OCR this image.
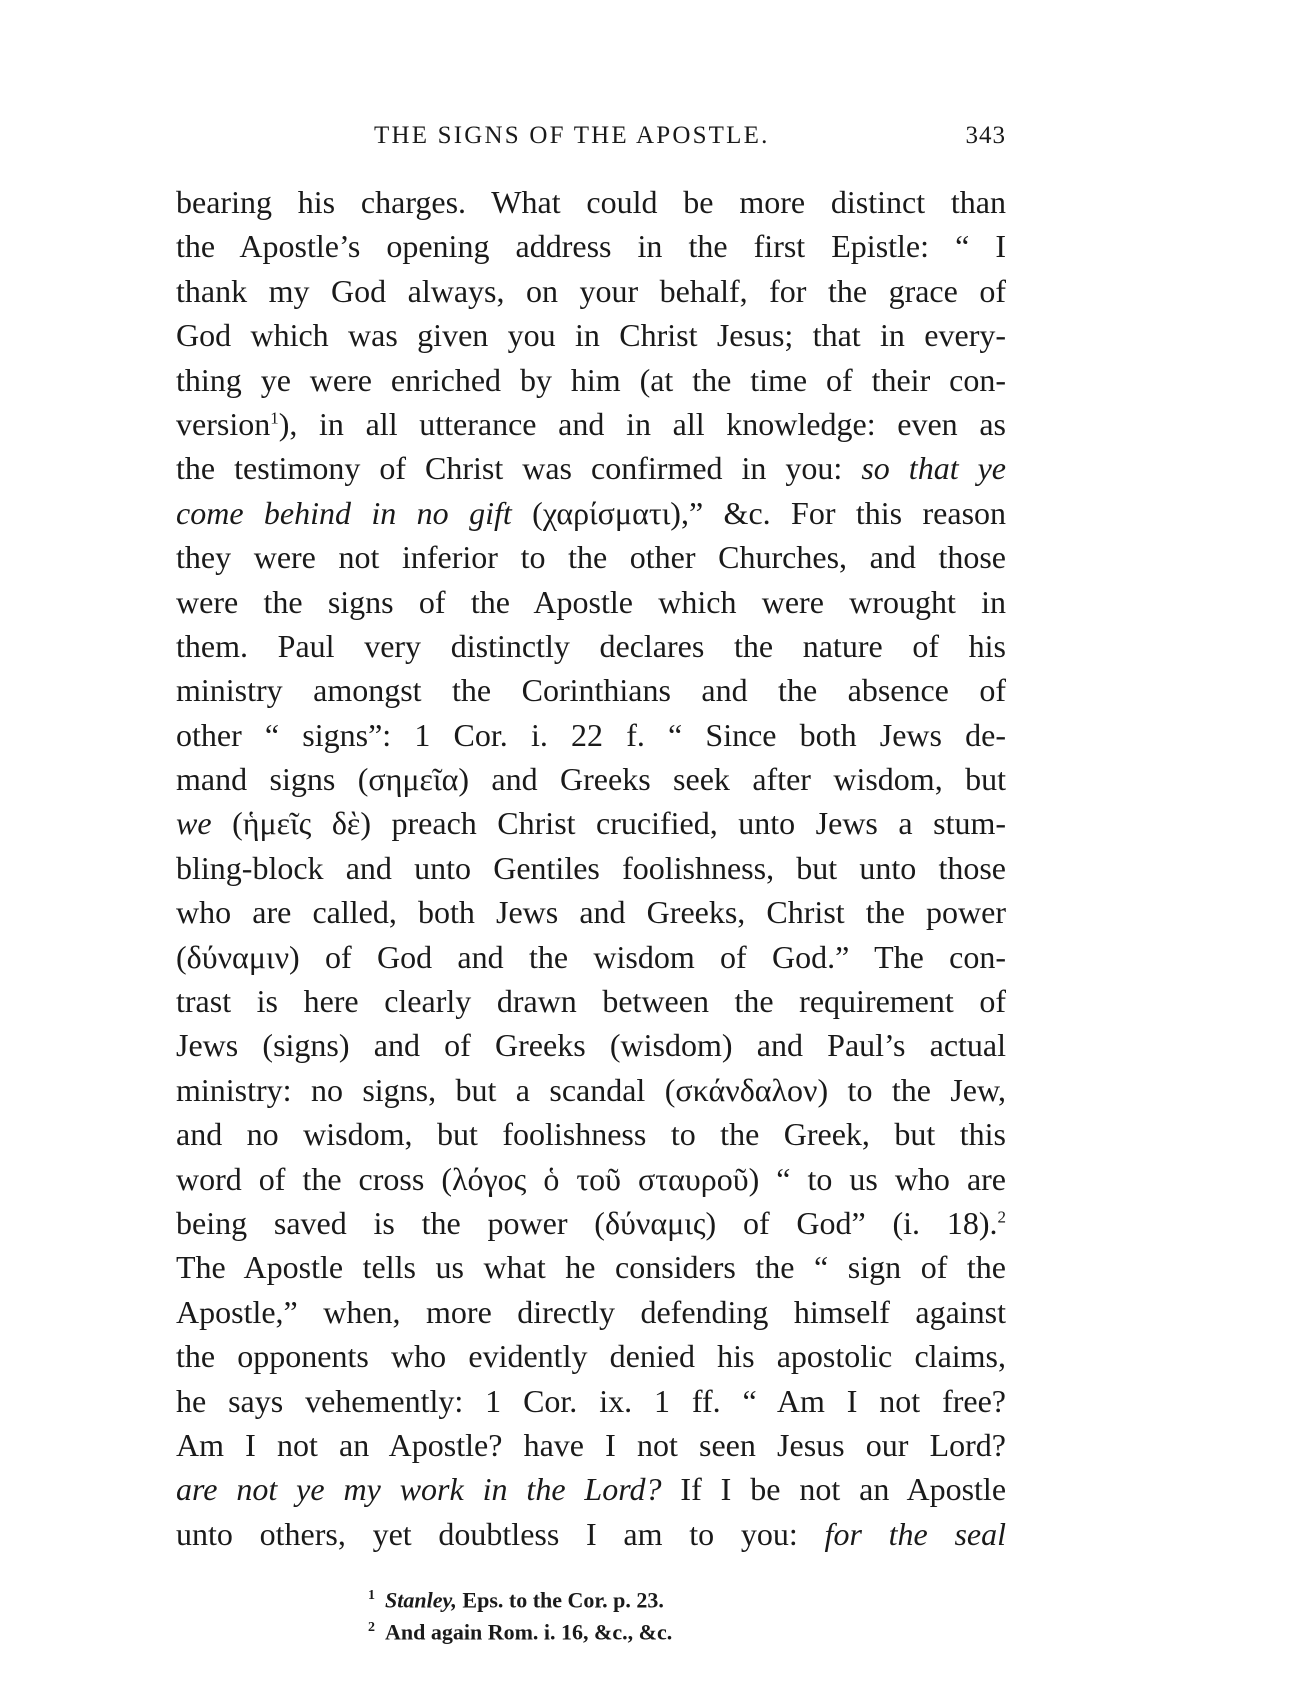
THE SIGNS OF THE APOSTLE.	343
bearing his charges. What could be more distinct than
the Apostle’s opening address in the first Epistle: “ I
thank my God always, on your behalf, for the grace of
God which was given you in Christ Jesus; that in every-
thing ye were enriched by him (at the time of their con-
version$^1$), in all utterance and in all knowledge: even as
the testimony of Christ was confirmed in you: so that ye
come behind in no gift (χαρίσματι),” &c. For this reason
they were not inferior to the other Churches, and those
were the signs of the Apostle which were wrought in
them. Paul very distinctly declares the nature of his
ministry amongst the Corinthians and the absence of
other “ signs”: 1 Cor. i. 22 f. “ Since both Jews de-
mand signs (σημεῖα) and Greeks seek after wisdom, but
we (ἡμεῖς δὲ) preach Christ crucified, unto Jews a stum-
bling-block and unto Gentiles foolishness, but unto those
who are called, both Jews and Greeks, Christ the power
(δύναμιν) of God and the wisdom of God.” The con-
trast is here clearly drawn between the requirement of
Jews (signs) and of Greeks (wisdom) and Paul’s actual
ministry: no signs, but a scandal (σκάνδαλον) to the Jew,
and no wisdom, but foolishness to the Greek, but this
word of the cross (λόγος ὁ τοῦ σταυροῦ) “ to us who are
being saved is the power (δύναμις) of God” (i. 18).$^2$
The Apostle tells us what he considers the “ sign of the
Apostle,” when, more directly defending himself against
the opponents who evidently denied his apostolic claims,
he says vehemently: 1 Cor. ix. 1 ff. “ Am I not free?
Am I not an Apostle? have I not seen Jesus our Lord?
are not ye my work in the Lord? If I be not an Apostle
unto others, yet doubtless I am to you: for the seal
$^1$ Stanley, Eps. to the Cor. p. 23.
$^2$ And again Rom. i. 16, &c., &c.
